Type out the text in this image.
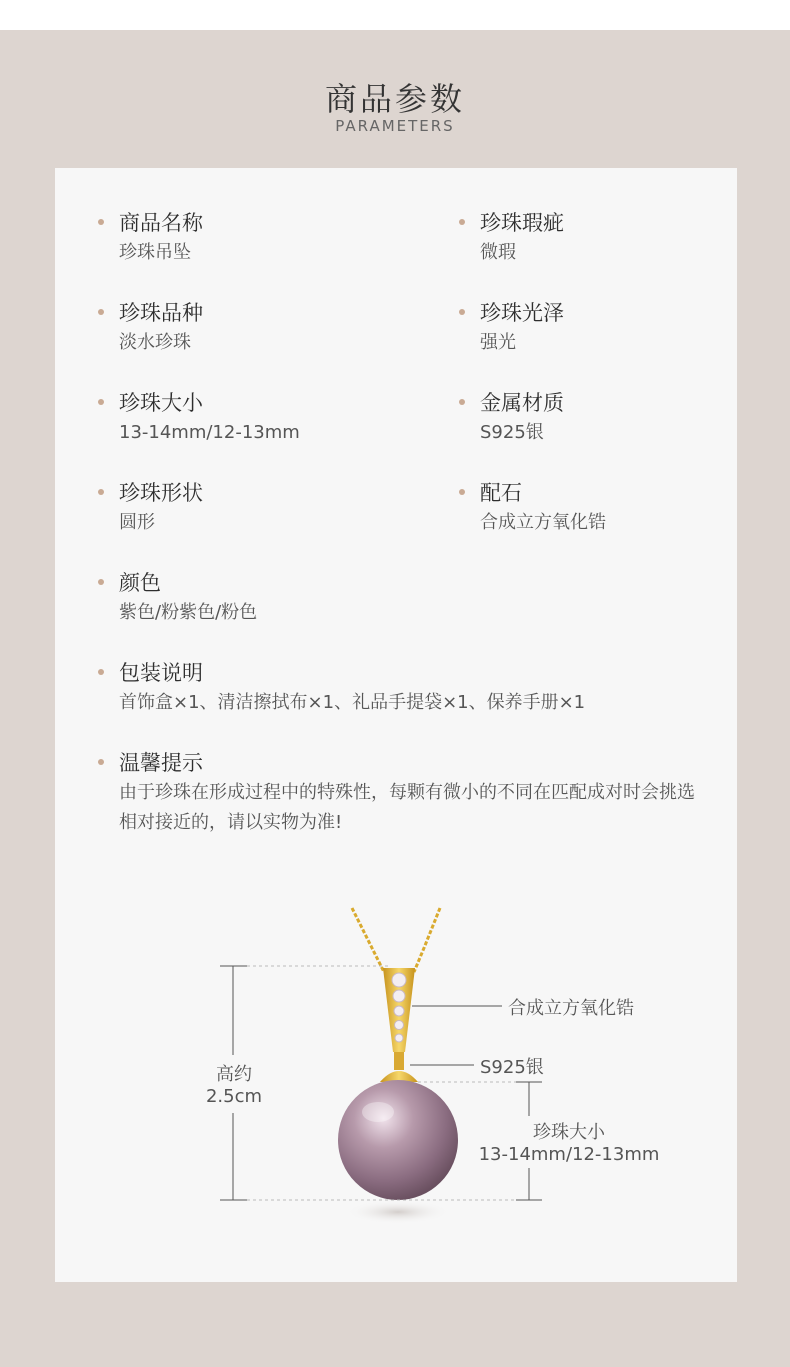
商品参数
PARAMETERS
商品名称
珍珠吊坠
珍珠瑕疵
微瑕
珍珠品种
淡水珍珠
珍珠光泽
强光
珍珠大小
13-14mm/12-13mm
金属材质
S925银
珍珠形状
圆形
配石
合成立方氧化锆
颜色
紫色/粉紫色/粉色
包装说明
首饰盒×1、清洁擦拭布×1、礼品手提袋×1、保养手册×1
温馨提示
由于珍珠在形成过程中的特殊性，每颗有微小的不同在匹配成对时会挑选相对接近的，请以实物为准!
高约
2.5cm
合成立方氧化锆
S925银
珍珠大小
13-14mm/12-13mm
